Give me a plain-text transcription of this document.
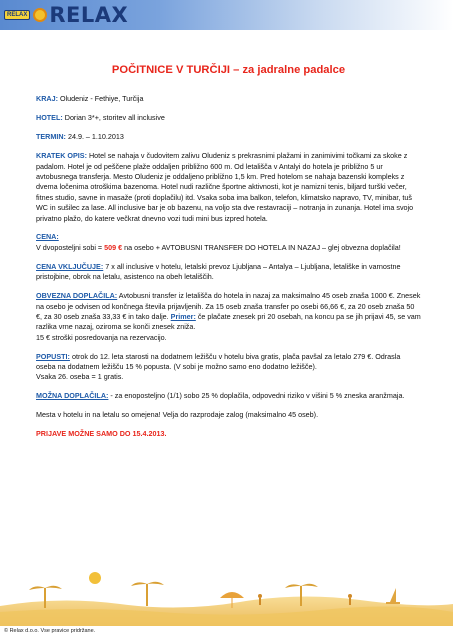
RELAX RELAX
POČITNICE V TURČIJI – za jadralne padalce

KRAJ: Oludeniz - Fethiye, Turčija

HOTEL: Dorian 3*+, storitev all inclusive

TERMIN: 24.9. – 1.10.2013

KRATEK OPIS: Hotel se nahaja v čudovitem zalivu Oludeniz s prekrasnimi plažami in zanimivimi točkami za skoke z padalom. Hotel je od peščene plaže oddaljen približno 600 m. Od letališča v Antalyi do hotela je približno 5 ur avtobusnega transferja. Mesto Oludeniz je oddaljeno približno 1,5 km. Pred hotelom se nahaja bazenski kompleks z dvema ločenima otroškima bazenoma. Hotel nudi različne športne aktivnosti, kot je namizni tenis, biljard turški večer, fitnes studio, savne in masaže (proti doplačilu) itd. Vsaka soba ima balkon, telefon, klimatsko napravo, TV, minibar, tuš WC in sušilec za lase. All inclusive bar je ob bazenu, na voljo sta dve restavraciji – notranja in zunanja. Hotel ima svojo privatno plažo, do katere večkrat dnevno vozi tudi mini bus izpred hotela.

CENA:
V dvoposteljni sobi = 509 € na osebo + AVTOBUSNI TRANSFER DO HOTELA IN NAZAJ – glej obvezna doplačila!

CENA VKLJUČUJE: 7 x all inclusive v hotelu, letalski prevoz Ljubljana – Antalya – Ljubljana, letališke in varnostne pristojbine, obrok na letalu, asistenco na obeh letališčih.

OBVEZNA DOPLAČILA: Avtobusni transfer iz letališča do hotela in nazaj za maksimalno 45 oseb znaša 1000 €. Znesek na osebo je odvisen od končnega števila prijavljenih. Za 15 oseb znaša transfer po osebi 66,66 €, za 20 oseb znaša 50 €, za 30 oseb znaša 33,33 € in tako dalje. Primer: če plačate znesek pri 20 osebah, na koncu pa se jih prijavi 45, se vam razlika vrne nazaj, oziroma se konči znesek zniža.
15 € stroški posredovanja na rezervacijo.

POPUSTI: otrok do 12. leta starosti na dodatnem ležišču v hotelu biva gratis, plača pavšal za letalo 279 €. Odrasla oseba na dodatnem ležišču 15 % popusta. (V sobi je možno samo eno dodatno ležišče).
Vsaka 26. oseba = 1 gratis.

MOŽNA DOPLAČILA: - za enoposteljno (1/1) sobo 25 % doplačila, odpovedni riziko v višini 5 % zneska aranžmaja.

Mesta v hotelu in na letalu so omejena! Velja do razprodaje zalog (maksimalno 45 oseb).

PRIJAVE MOŽNE SAMO DO 15.4.2013.

© Relax d.o.o. Vse pravice pridržane.
